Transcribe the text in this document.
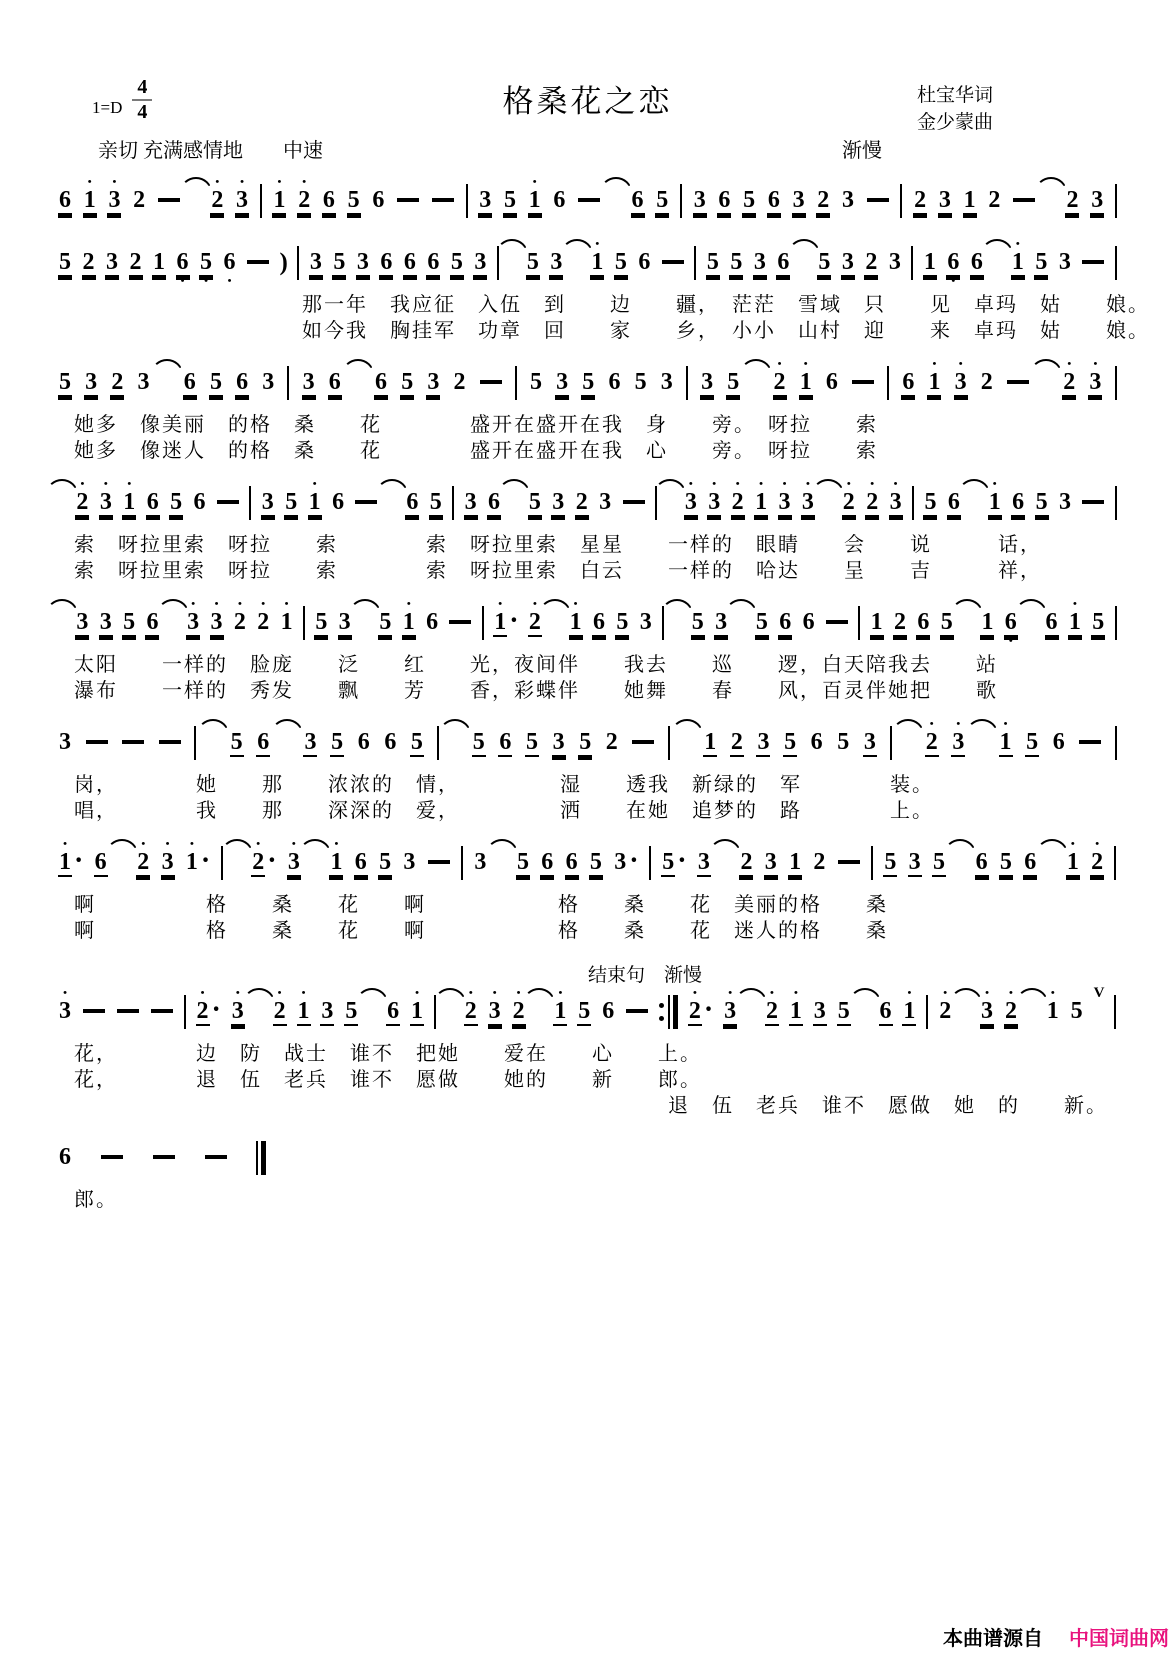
$1=D \frac{4}{4}$	格桑花之恋	杜宝华词
金少蒙曲
亲切 充满感情地　　中速	渐慢

6

•
1

•
3

2

•
2

•
3

•
1

•
2

6

5

6

	3

5

•
1

6

	6

5

3

6

5

6

3

2

3

	2

3

1

2

	2

3

5

2

3

2

1

6
•

5
•

6
•

)
3

5

3

6

6

6

5

3

5

3

•
1

5

6

5

5

3

6

5

3

2

3

1

6
•

6

•
1

5

3

那一年　我应征　入伍　到　　边　　疆，　茫茫　雪域　只　　见　卓玛　姑　　娘。
如今我　胸挂军　功章　回　　家　　乡，　小小　山村　迎　　来　卓玛　姑　　娘。

5

3

2

3

6

5

6

3

3

6

6

5

3

2

	5

3

5

6

5

3

3

5

•
2

•
1

6

	6

•
1

•
3

2

•
2

•
3

她多　像美丽　的格　桑　　花　　　　盛开在盛开在我　身　　旁。　呀拉　　索
她多　像迷人　的格　桑　　花　　　　盛开在盛开在我　心　　旁。　呀拉　　索
•
2

•
3

•
1

6

5

6

3

5

•
1

6

	6

5

3

6

5

3

2

3

•
3

•
3

•
2

•
1

•
3

•
3

•
2

•
2

•
3

5

6

•
1

6

5

3

索　呀拉里索　呀拉　　索　　　　索　呀拉里索　星星　　一样的　眼睛　　会　　说　　　话，
索　呀拉里索　呀拉　　索　　　　索　呀拉里索　白云　　一样的　哈达　　呈　　吉　　　祥，

3

3

5

6

•
3

•
3

•
2

•
2

•
1

5

3

5

•
1

6

•
1
·
•
2

•
1

6

5

3

5

3

5

6

6

1

2

6

5

1

6
•

6

•
1

5

太阳　　一样的　脸庞　　泛　　红　　光，夜间伴　　我去　　巡　　逻，白天陪我去　　站
瀑布　　一样的　秀发　　飘　　芳　　香，彩蝶伴　　她舞　　春　　风，百灵伴她把　　歌

3

	5

6

3

5

6

6

5

5

6

5

3

5

2

	1

2

3

5

6

5

3

•
2

•
3

•
1

5

6

岗，　　　　她　　那　　浓浓的　情，　　　　　湿　　透我　新绿的　军　　　　装。
唱，　　　　我　　那　　深深的　爱，　　　　　洒　　在她　追梦的　路　　　　上。
•
1
·
6

•
2

•
3

•
1
·
•
2
·
•
3

•
1

6

5

3

3

5

6

6

5

3
·
5
·
3

2

3

1

2

5

3

5

6

5

6

•
1

•
2

啊　　　　　格　　桑　　花　　啊　　　　　　格　　桑　　花　美丽的格　　桑
啊　　　　　格　　桑　　花　　啊　　　　　　格　　桑　　花　迷人的格　　桑
结束句　渐慢
•
3

•
2
·
•
3

•
2

•
1

3

5

6

•
1

•
2

•
3

•
2

•
1

5

6

•
2
·
•
3

•
2

•
1

3

5

6

•
1

•
2

•
3

•
2

•
1

5

V
花，　　　　边　防　战士　谁不　把她　　爱在　　心　　上。
花，　　　　退　伍　老兵　谁不　愿做　　她的　　新　　郎。
退　伍　老兵　谁不　愿做　她　的　　新。

6

郎。
本曲谱源自 中国词曲网
